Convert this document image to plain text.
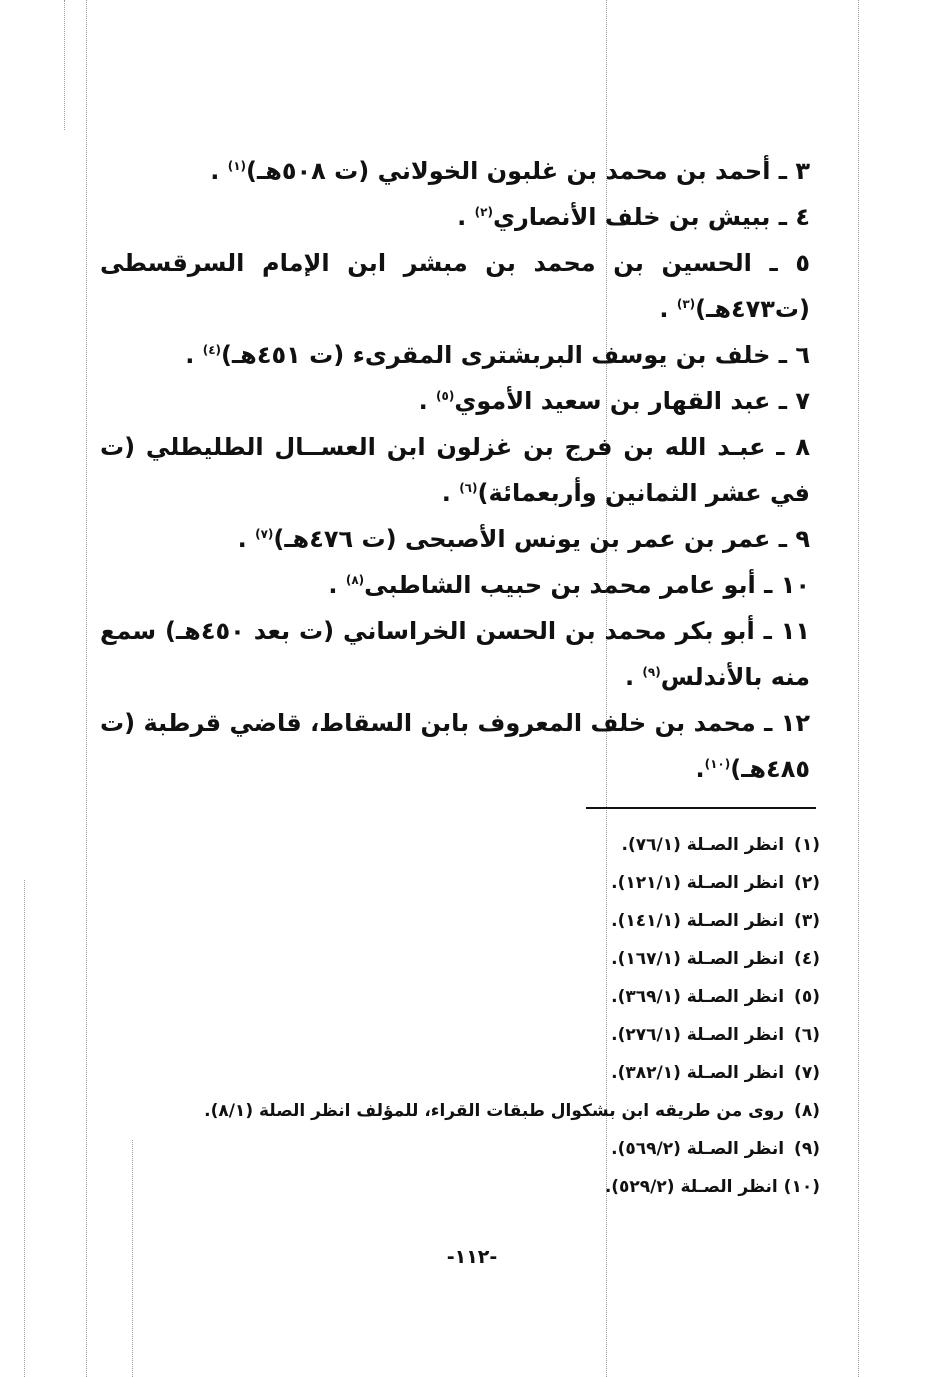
٣ ـ أحمد بن محمد بن غلبون الخولاني (ت ٥٠٨هـ)$^{(١)}$ .

٤ ـ ببيش بن خلف الأنصاري$^{(٢)}$ .

٥ ـ الحسين بن محمد بن مبشر ابن الإمام السرقسطى (ت٤٧٣هـ)$^{(٣)}$ .

٦ ـ خلف بن يوسف البربشترى المقرىء (ت ٤٥١هـ)$^{(٤)}$ .

٧ ـ عبد القهار بن سعيد الأموي$^{(٥)}$ .

٨ ـ عبـد الله بن فرج بن غزلون ابن العســال الطليطلي (ت في عشر الثمانين وأربعمائة)$^{(٦)}$ .

٩ ـ عمر بن عمر بن يونس الأصبحى (ت ٤٧٦هـ)$^{(٧)}$ .

١٠ ـ أبو عامر محمد بن حبيب الشاطبى$^{(٨)}$ .

١١ ـ أبو بكر محمد بن الحسن الخراساني (ت بعد ٤٥٠هـ) سمع منه بالأندلس$^{(٩)}$ .

١٢ ـ محمد بن خلف المعروف بابن السقاط، قاضي قرطبة (ت ٤٨٥هـ)$^{(١٠)}$.

(١) انظر الصـلة (٧٦/١).

(٢) انظر الصـلة (١٢١/١).

(٣) انظر الصـلة (١٤١/١).

(٤) انظر الصـلة (١٦٧/١).

(٥) انظر الصـلة (٣٦٩/١).

(٦) انظر الصـلة (٢٧٦/١).

(٧) انظر الصـلة (٣٨٢/١).

(٨) روى من طريقه ابن بشكوال طبقات القراء، للمؤلف انظر الصلة (٨/١).

(٩) انظر الصـلة (٥٦٩/٢).

(١٠) انظر الصـلة (٥٢٩/٢).

-١١٢-
